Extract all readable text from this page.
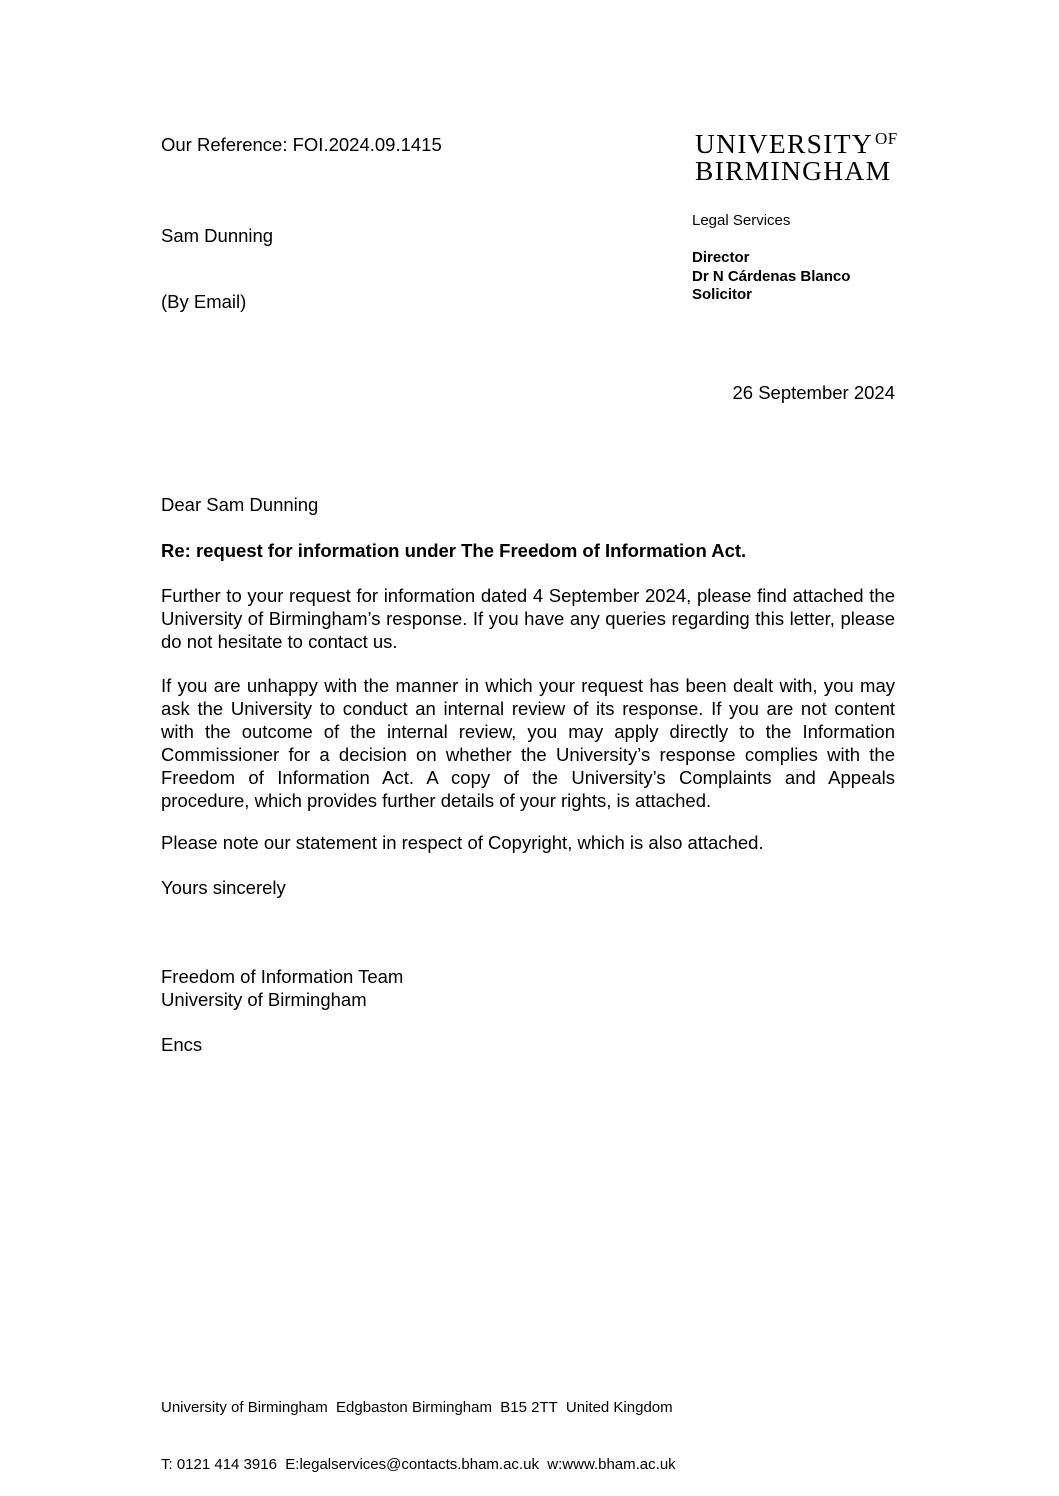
Our Reference: FOI.2024.09.1415	UNIVERSITY $^{OF}$
BIRMINGHAM

Sam Dunning

(By Email)

Legal Services

Director
Dr N Cárdenas Blanco
Solicitor

26 September 2024

Dear Sam Dunning

Re: request for information under The Freedom of Information Act.

Further to your request for information dated 4 September 2024, please find attached the University of Birmingham’s response. If you have any queries regarding this letter, please do not hesitate to contact us.

If you are unhappy with the manner in which your request has been dealt with, you may ask the University to conduct an internal review of its response. If you are not content with the outcome of the internal review, you may apply directly to the Information Commissioner for a decision on whether the University’s response complies with the Freedom of Information Act. A copy of the University’s Complaints and Appeals procedure, which provides further details of your rights, is attached.

Please note our statement in respect of Copyright, which is also attached.

Yours sincerely

Freedom of Information Team
University of Birmingham

Encs

University of Birmingham  Edgbaston Birmingham  B15 2TT  United Kingdom

T: 0121 414 3916  E:legalservices@contacts.bham.ac.uk  w:www.bham.ac.uk
